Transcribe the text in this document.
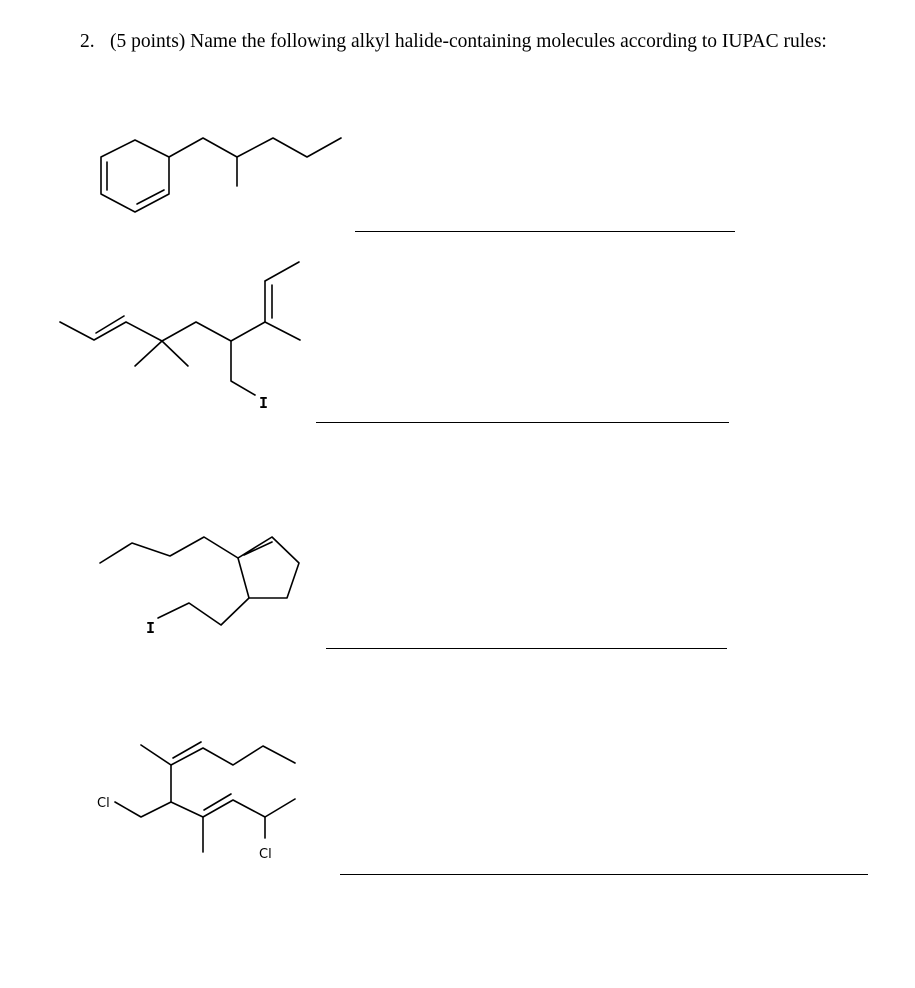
2. (5 points) Name the following alkyl halide-containing molecules according to IUPAC rules:
I
I
Cl
Cl
